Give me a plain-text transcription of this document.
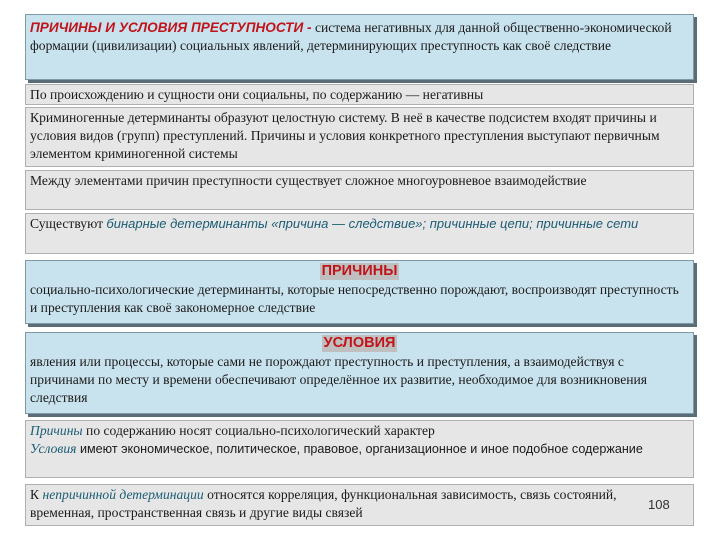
ПРИЧИНЫ И УСЛОВИЯ ПРЕСТУПНОСТИ - система негативных для данной общественно-экономической формации (цивилизации) социальных явлений, детерминирующих преступность как своё следствие
По происхождению и сущности они социальны, по содержанию — негативны
Криминогенные детерминанты образуют целостную систему. В неё в качестве подсистем входят причины и условия видов (групп) преступлений. Причины и условия конкретного преступления выступают первичным элементом криминогенной системы
Между элементами причин преступности существует сложное многоуровневое взаимодействие
Существуют бинарные детерминанты «причина — следствие»; причинные цепи; причинные сети
ПРИЧИНЫ
социально-психологические детерминанты, которые непосредственно порождают, воспроизводят преступность и преступления как своё закономерное следствие
УСЛОВИЯ
явления или процессы, которые сами не порождают преступность и преступления, а взаимодействуя с причинами по месту и времени обеспечивают определённое их развитие, необходимое для возникновения следствия
Причины по содержанию носят социально-психологический характер
Условия имеют экономическое, политическое, правовое, организационное и иное подобное содержание
К непричинной детерминации относятся корреляция, функциональная зависимость, связь состояний, временная, пространственная связь и другие виды связей
108
